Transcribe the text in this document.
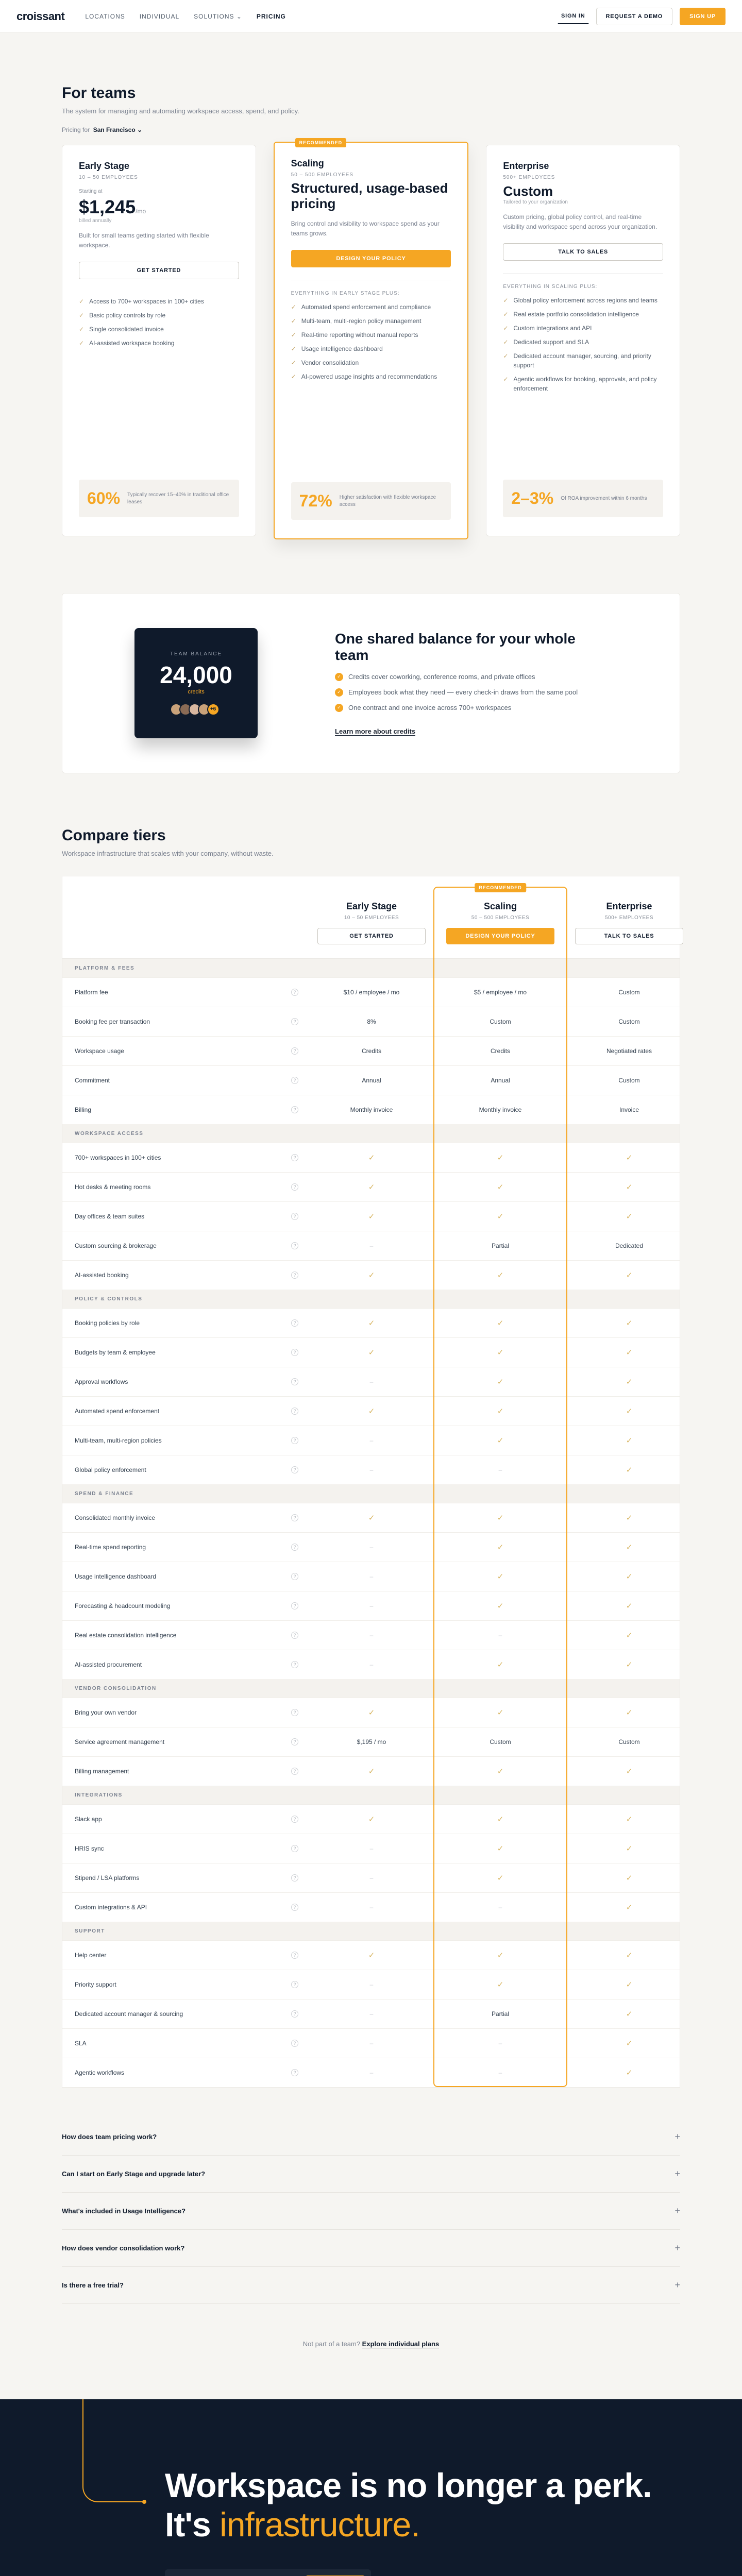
croissant	LOCATIONS INDIVIDUAL SOLUTIONS ⌄ PRICING	SIGN IN	REQUEST A DEMO	SIGN UP
For teams
The system for managing and automating workspace access, spend, and policy.
Pricing for San Francisco ⌄
Early Stage
10 – 50 EMPLOYEES
Starting at
$1,245/mo
billed annually
Built for small teams getting started with flexible workspace.
GET STARTED
✓ Access to 700+ workspaces in 100+ cities
✓ Basic policy controls by role
✓ Single consolidated invoice
✓ AI-assisted workspace booking
60% Typically recover 15–40% in traditional office leases
RECOMMENDED
Scaling
50 – 500 EMPLOYEES
Structured, usage-based pricing
Bring control and visibility to workspace spend as your teams grows.
DESIGN YOUR POLICY
EVERYTHING IN EARLY STAGE PLUS:
✓ Automated spend enforcement and compliance
✓ Multi-team, multi-region policy management
✓ Real-time reporting without manual reports
✓ Usage intelligence dashboard
✓ Vendor consolidation
✓ AI-powered usage insights and recommendations
72% Higher satisfaction with flexible workspace access
Enterprise
500+ EMPLOYEES
Custom
Tailored to your organization
Custom pricing, global policy control, and real-time visibility and workspace spend across your organization.
TALK TO SALES
EVERYTHING IN SCALING PLUS:
✓ Global policy enforcement across regions and teams
✓ Real estate portfolio consolidation intelligence
✓ Custom integrations and API
✓ Dedicated support and SLA
✓ Dedicated account manager, sourcing, and priority support
✓ Agentic workflows for booking, approvals, and policy enforcement
2–3% Of ROA improvement within 6 months
TEAM BALANCE
24,000
credits
+6
One shared balance for your whole team
✓	Credits cover coworking, conference rooms, and private offices
✓	Employees book what they need — every check-in draws from the same pool
✓	One contract and one invoice across 700+ workspaces
Learn more about credits
Compare tiers
Workspace infrastructure that scales with your company, without waste.
RECOMMENDED
Early Stage
10 – 50 EMPLOYEES
GET STARTED
Scaling
50 – 500 EMPLOYEES
DESIGN YOUR POLICY
Enterprise
500+ EMPLOYEES
TALK TO SALES
PLATFORM & FEES
Platform fee	?	$10 / employee / mo	$5 / employee / mo	Custom
Booking fee per transaction	?	8%	Custom	Custom
Workspace usage	?	Credits	Credits	Negotiated rates
Commitment	?	Annual	Annual	Custom
Billing	?	Monthly invoice	Monthly invoice	Invoice
WORKSPACE ACCESS
700+ workspaces in 100+ cities	?	✓	✓	✓
Hot desks & meeting rooms	?	✓	✓	✓
Day offices & team suites	?	✓	✓	✓
Custom sourcing & brokerage	?	–	Partial	Dedicated
AI-assisted booking	?	✓	✓	✓
POLICY & CONTROLS
Booking policies by role	?	✓	✓	✓
Budgets by team & employee	?	✓	✓	✓
Approval workflows	?	–	✓	✓
Automated spend enforcement	?	✓	✓	✓
Multi-team, multi-region policies	?	–	✓	✓
Global policy enforcement	?	–	–	✓
SPEND & FINANCE
Consolidated monthly invoice	?	✓	✓	✓
Real-time spend reporting	?	–	✓	✓
Usage intelligence dashboard	?	–	✓	✓
Forecasting & headcount modeling	?	–	✓	✓
Real estate consolidation intelligence	?	–	–	✓
AI-assisted procurement	?	–	✓	✓
VENDOR CONSOLIDATION
Bring your own vendor	?	✓	✓	✓
Service agreement management	?	$,195 / mo	Custom	Custom
Billing management	?	✓	✓	✓
INTEGRATIONS
Slack app	?	✓	✓	✓
HRIS sync	?	–	✓	✓
Stipend / LSA platforms	?	–	✓	✓
Custom integrations & API	?	–	–	✓
SUPPORT
Help center	?	✓	✓	✓
Priority support	?	–	✓	✓
Dedicated account manager & sourcing	?	–	Partial	✓
SLA	?	–	–	✓
Agentic workflows	?	–	–	✓
How does team pricing work?	+
Can I start on Early Stage and upgrade later?	+
What's included in Usage Intelligence?	+
How does vendor consolidation work?	+
Is there a free trial?	+
Not part of a team? Explore individual plans
Workspace is no longer a perk.
It's infrastructure.
